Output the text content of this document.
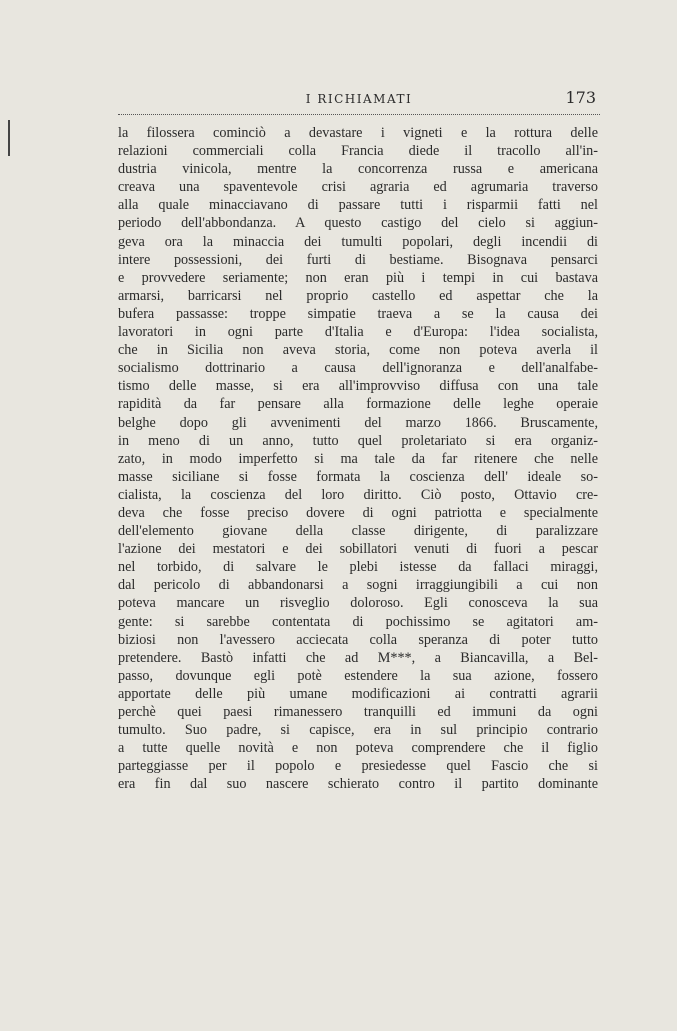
I RICHIAMATI	173
la filossera cominciò a devastare i vigneti e la rottura delle
relazioni commerciali colla Francia diede il tracollo all'in-
dustria vinicola, mentre la concorrenza russa e americana
creava una spaventevole crisi agraria ed agrumaria traverso
alla quale minacciavano di passare tutti i risparmii fatti nel
periodo dell'abbondanza. A questo castigo del cielo si aggiun-
geva ora la minaccia dei tumulti popolari, degli incendii di
intere possessioni, dei furti di bestiame. Bisognava pensarci
e provvedere seriamente; non eran più i tempi in cui bastava
armarsi, barricarsi nel proprio castello ed aspettar che la
bufera passasse: troppe simpatie traeva a se la causa dei
lavoratori in ogni parte d'Italia e d'Europa: l'idea socialista,
che in Sicilia non aveva storia, come non poteva averla il
socialismo dottrinario a causa dell'ignoranza e dell'analfabe-
tismo delle masse, si era all'improvviso diffusa con una tale
rapidità da far pensare alla formazione delle leghe operaie
belghe dopo gli avvenimenti del marzo 1866. Bruscamente,
in meno di un anno, tutto quel proletariato si era organiz-
zato, in modo imperfetto si ma tale da far ritenere che nelle
masse siciliane si fosse formata la coscienza dell' ideale so-
cialista, la coscienza del loro diritto. Ciò posto, Ottavio cre-
deva che fosse preciso dovere di ogni patriotta e specialmente
dell'elemento giovane della classe dirigente, di paralizzare
l'azione dei mestatori e dei sobillatori venuti di fuori a pescar
nel torbido, di salvare le plebi istesse da fallaci miraggi,
dal pericolo di abbandonarsi a sogni irraggiungibili a cui non
poteva mancare un risveglio doloroso. Egli conosceva la sua
gente: si sarebbe contentata di pochissimo se agitatori am-
biziosi non l'avessero acciecata colla speranza di poter tutto
pretendere. Bastò infatti che ad M***, a Biancavilla, a Bel-
passo, dovunque egli potè estendere la sua azione, fossero
apportate delle più umane modificazioni ai contratti agrarii
perchè quei paesi rimanessero tranquilli ed immuni da ogni
tumulto. Suo padre, si capisce, era in sul principio contrario
a tutte quelle novità e non poteva comprendere che il figlio
parteggiasse per il popolo e presiedesse quel Fascio che si
era fin dal suo nascere schierato contro il partito dominante
